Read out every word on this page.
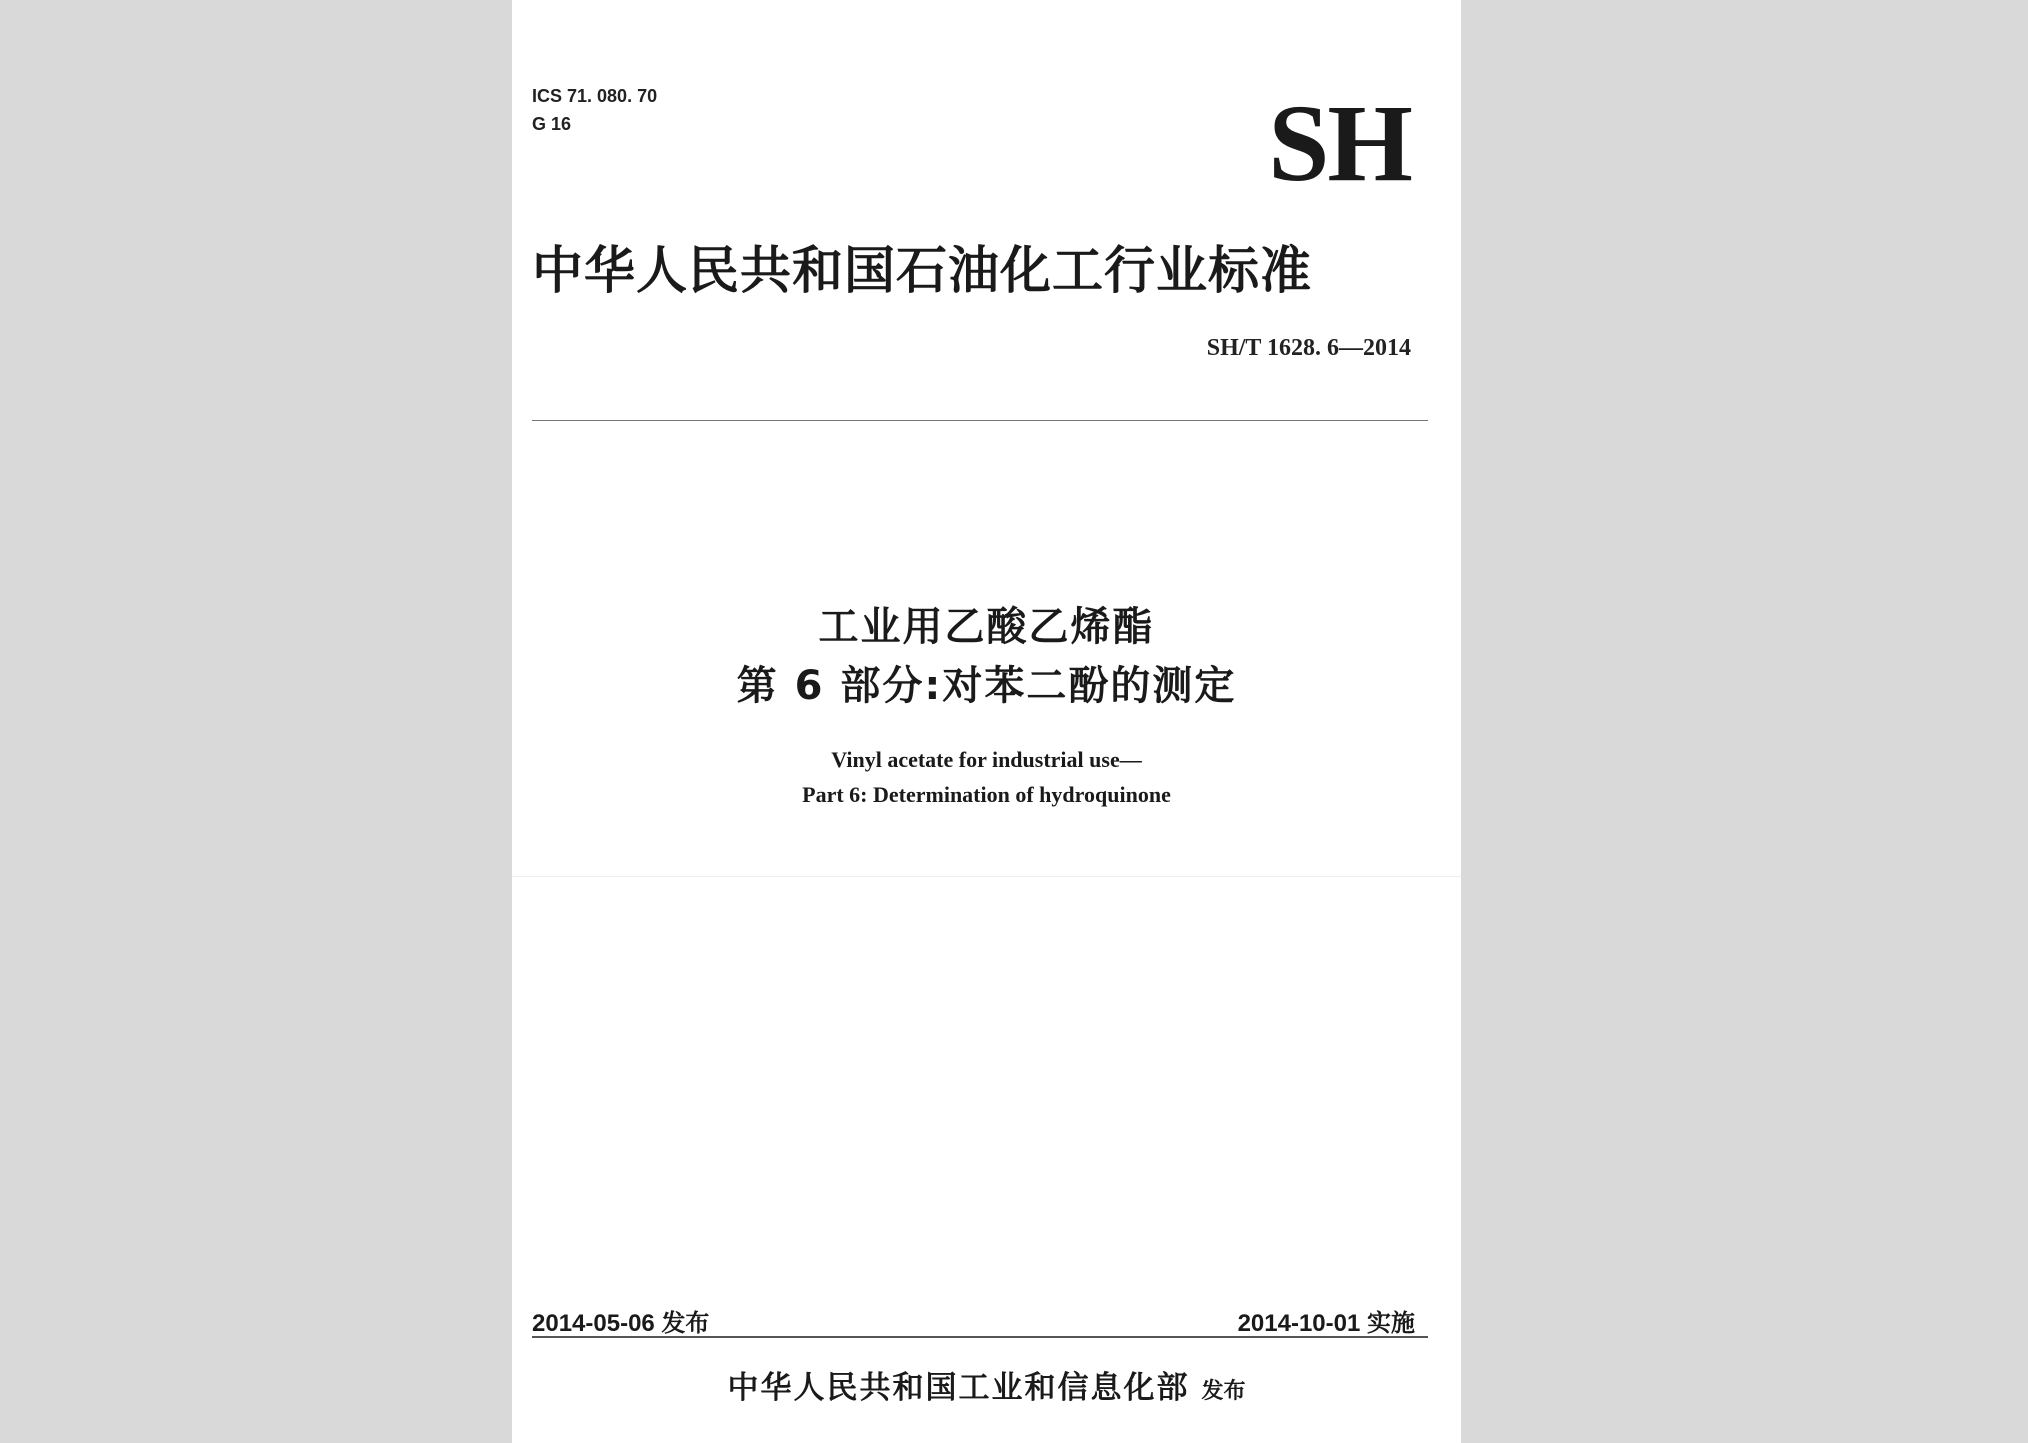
ICS 71. 080. 70
G 16	SH
中华人民共和国石油化工行业标准
SH/T 1628. 6—2014
工业用乙酸乙烯酯
第 6 部分:对苯二酚的测定
Vinyl acetate for industrial use—
Part 6: Determination of hydroquinone
2014-05-06 发布	2014-10-01 实施
中华人民共和国工业和信息化部 发布
